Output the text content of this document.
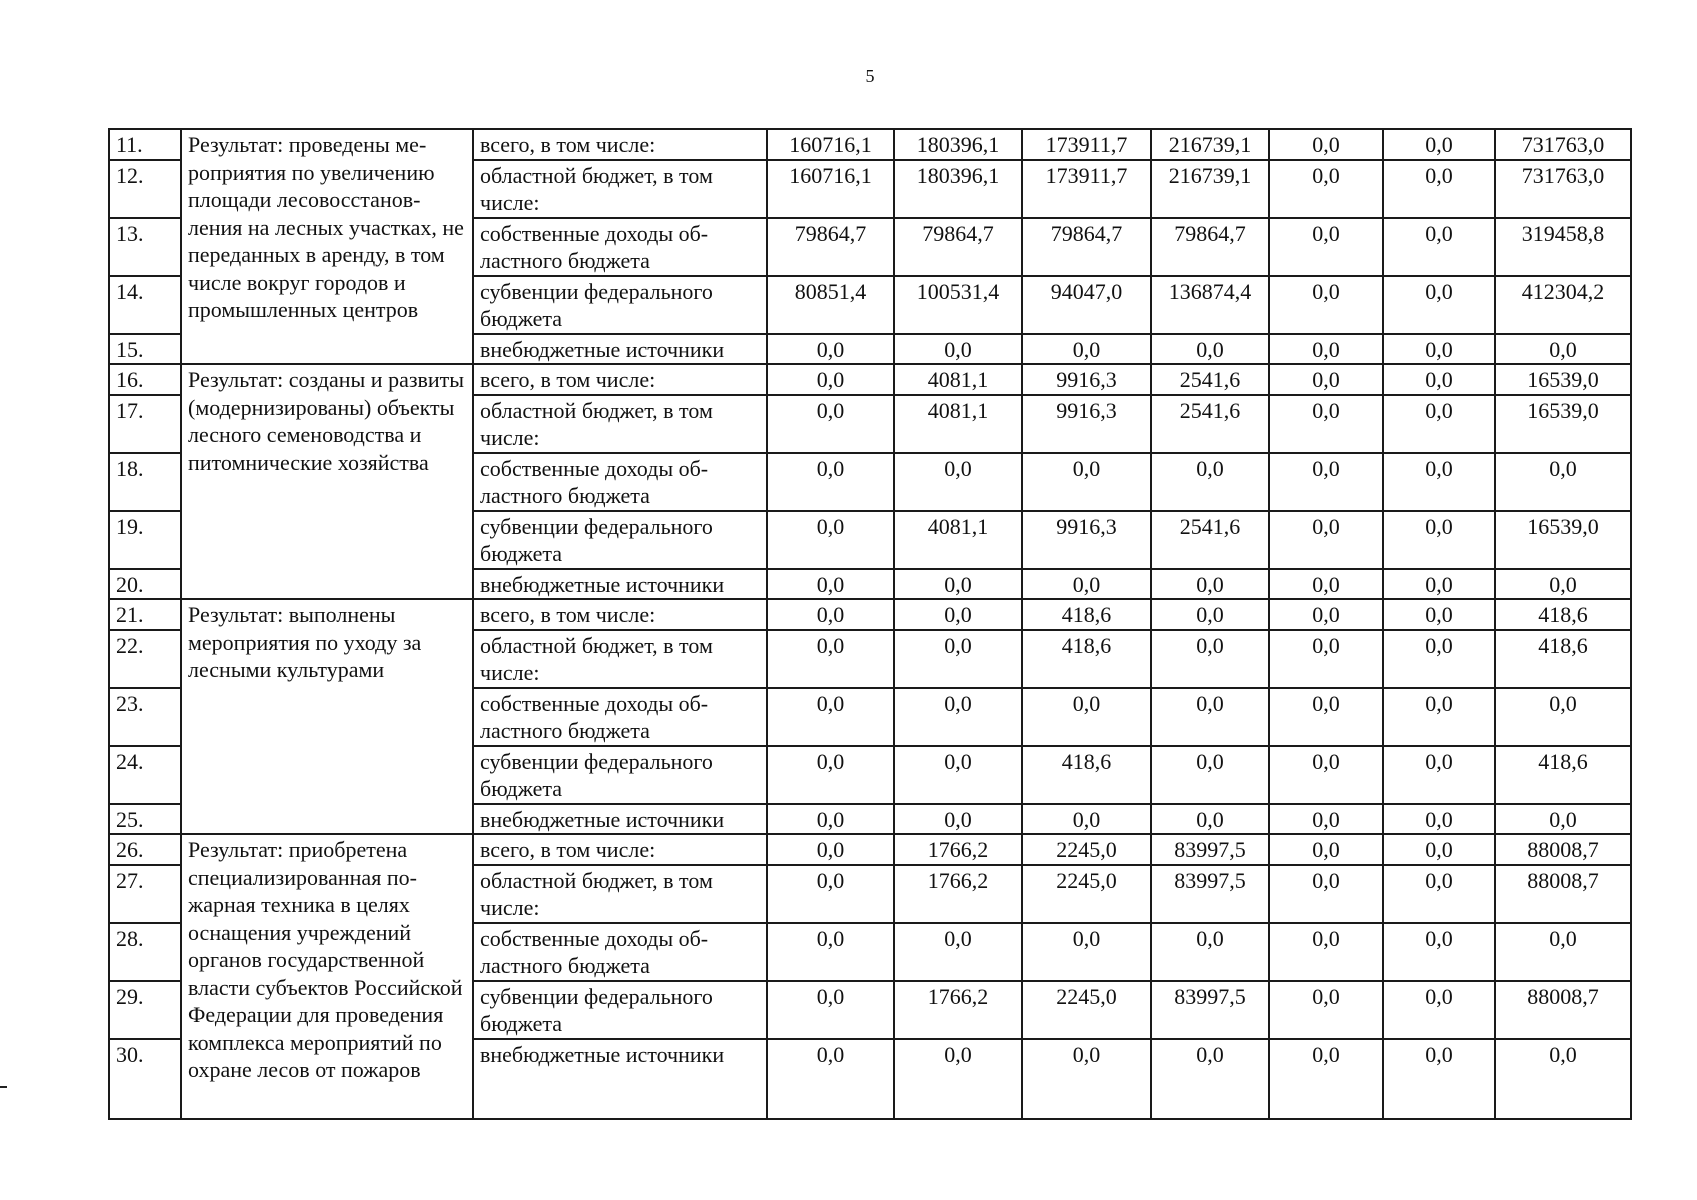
5
11.	Результат: проведены мероприятия по увеличению площади лесовосстановления на лесных участках, не переданных в аренду, в том числе вокруг городов и промышленных центров	всего, в том числе:	160716,1	180396,1	173911,7	216739,1	0,0	0,0	731763,0
12.		областной бюджет, в том числе:	160716,1	180396,1	173911,7	216739,1	0,0	0,0	731763,0
13.		собственные доходы областного бюджета	79864,7	79864,7	79864,7	79864,7	0,0	0,0	319458,8
14.		субвенции федерального бюджета	80851,4	100531,4	94047,0	136874,4	0,0	0,0	412304,2
15.		внебюджетные источники	0,0	0,0	0,0	0,0	0,0	0,0	0,0
16.	Результат: созданы и развиты (модернизированы) объекты лесного семеноводства и питомнические хозяйства	всего, в том числе:	0,0	4081,1	9916,3	2541,6	0,0	0,0	16539,0
17.		областной бюджет, в том числе:	0,0	4081,1	9916,3	2541,6	0,0	0,0	16539,0
18.		собственные доходы областного бюджета	0,0	0,0	0,0	0,0	0,0	0,0	0,0
19.		субвенции федерального бюджета	0,0	4081,1	9916,3	2541,6	0,0	0,0	16539,0
20.		внебюджетные источники	0,0	0,0	0,0	0,0	0,0	0,0	0,0
21.	Результат: выполнены мероприятия по уходу за лесными культурами	всего, в том числе:	0,0	0,0	418,6	0,0	0,0	0,0	418,6
22.		областной бюджет, в том числе:	0,0	0,0	418,6	0,0	0,0	0,0	418,6
23.		собственные доходы областного бюджета	0,0	0,0	0,0	0,0	0,0	0,0	0,0
24.		субвенции федерального бюджета	0,0	0,0	418,6	0,0	0,0	0,0	418,6
25.		внебюджетные источники	0,0	0,0	0,0	0,0	0,0	0,0	0,0
26.	Результат: приобретена специализированная пожарная техника в целях оснащения учреждений органов государственной власти субъектов Российской Федерации для проведения комплекса мероприятий по охране лесов от пожаров	всего, в том числе:	0,0	1766,2	2245,0	83997,5	0,0	0,0	88008,7
27.		областной бюджет, в том числе:	0,0	1766,2	2245,0	83997,5	0,0	0,0	88008,7
28.		собственные доходы областного бюджета	0,0	0,0	0,0	0,0	0,0	0,0	0,0
29.		субвенции федерального бюджета	0,0	1766,2	2245,0	83997,5	0,0	0,0	88008,7
30.		внебюджетные источники	0,0	0,0	0,0	0,0	0,0	0,0	0,0
